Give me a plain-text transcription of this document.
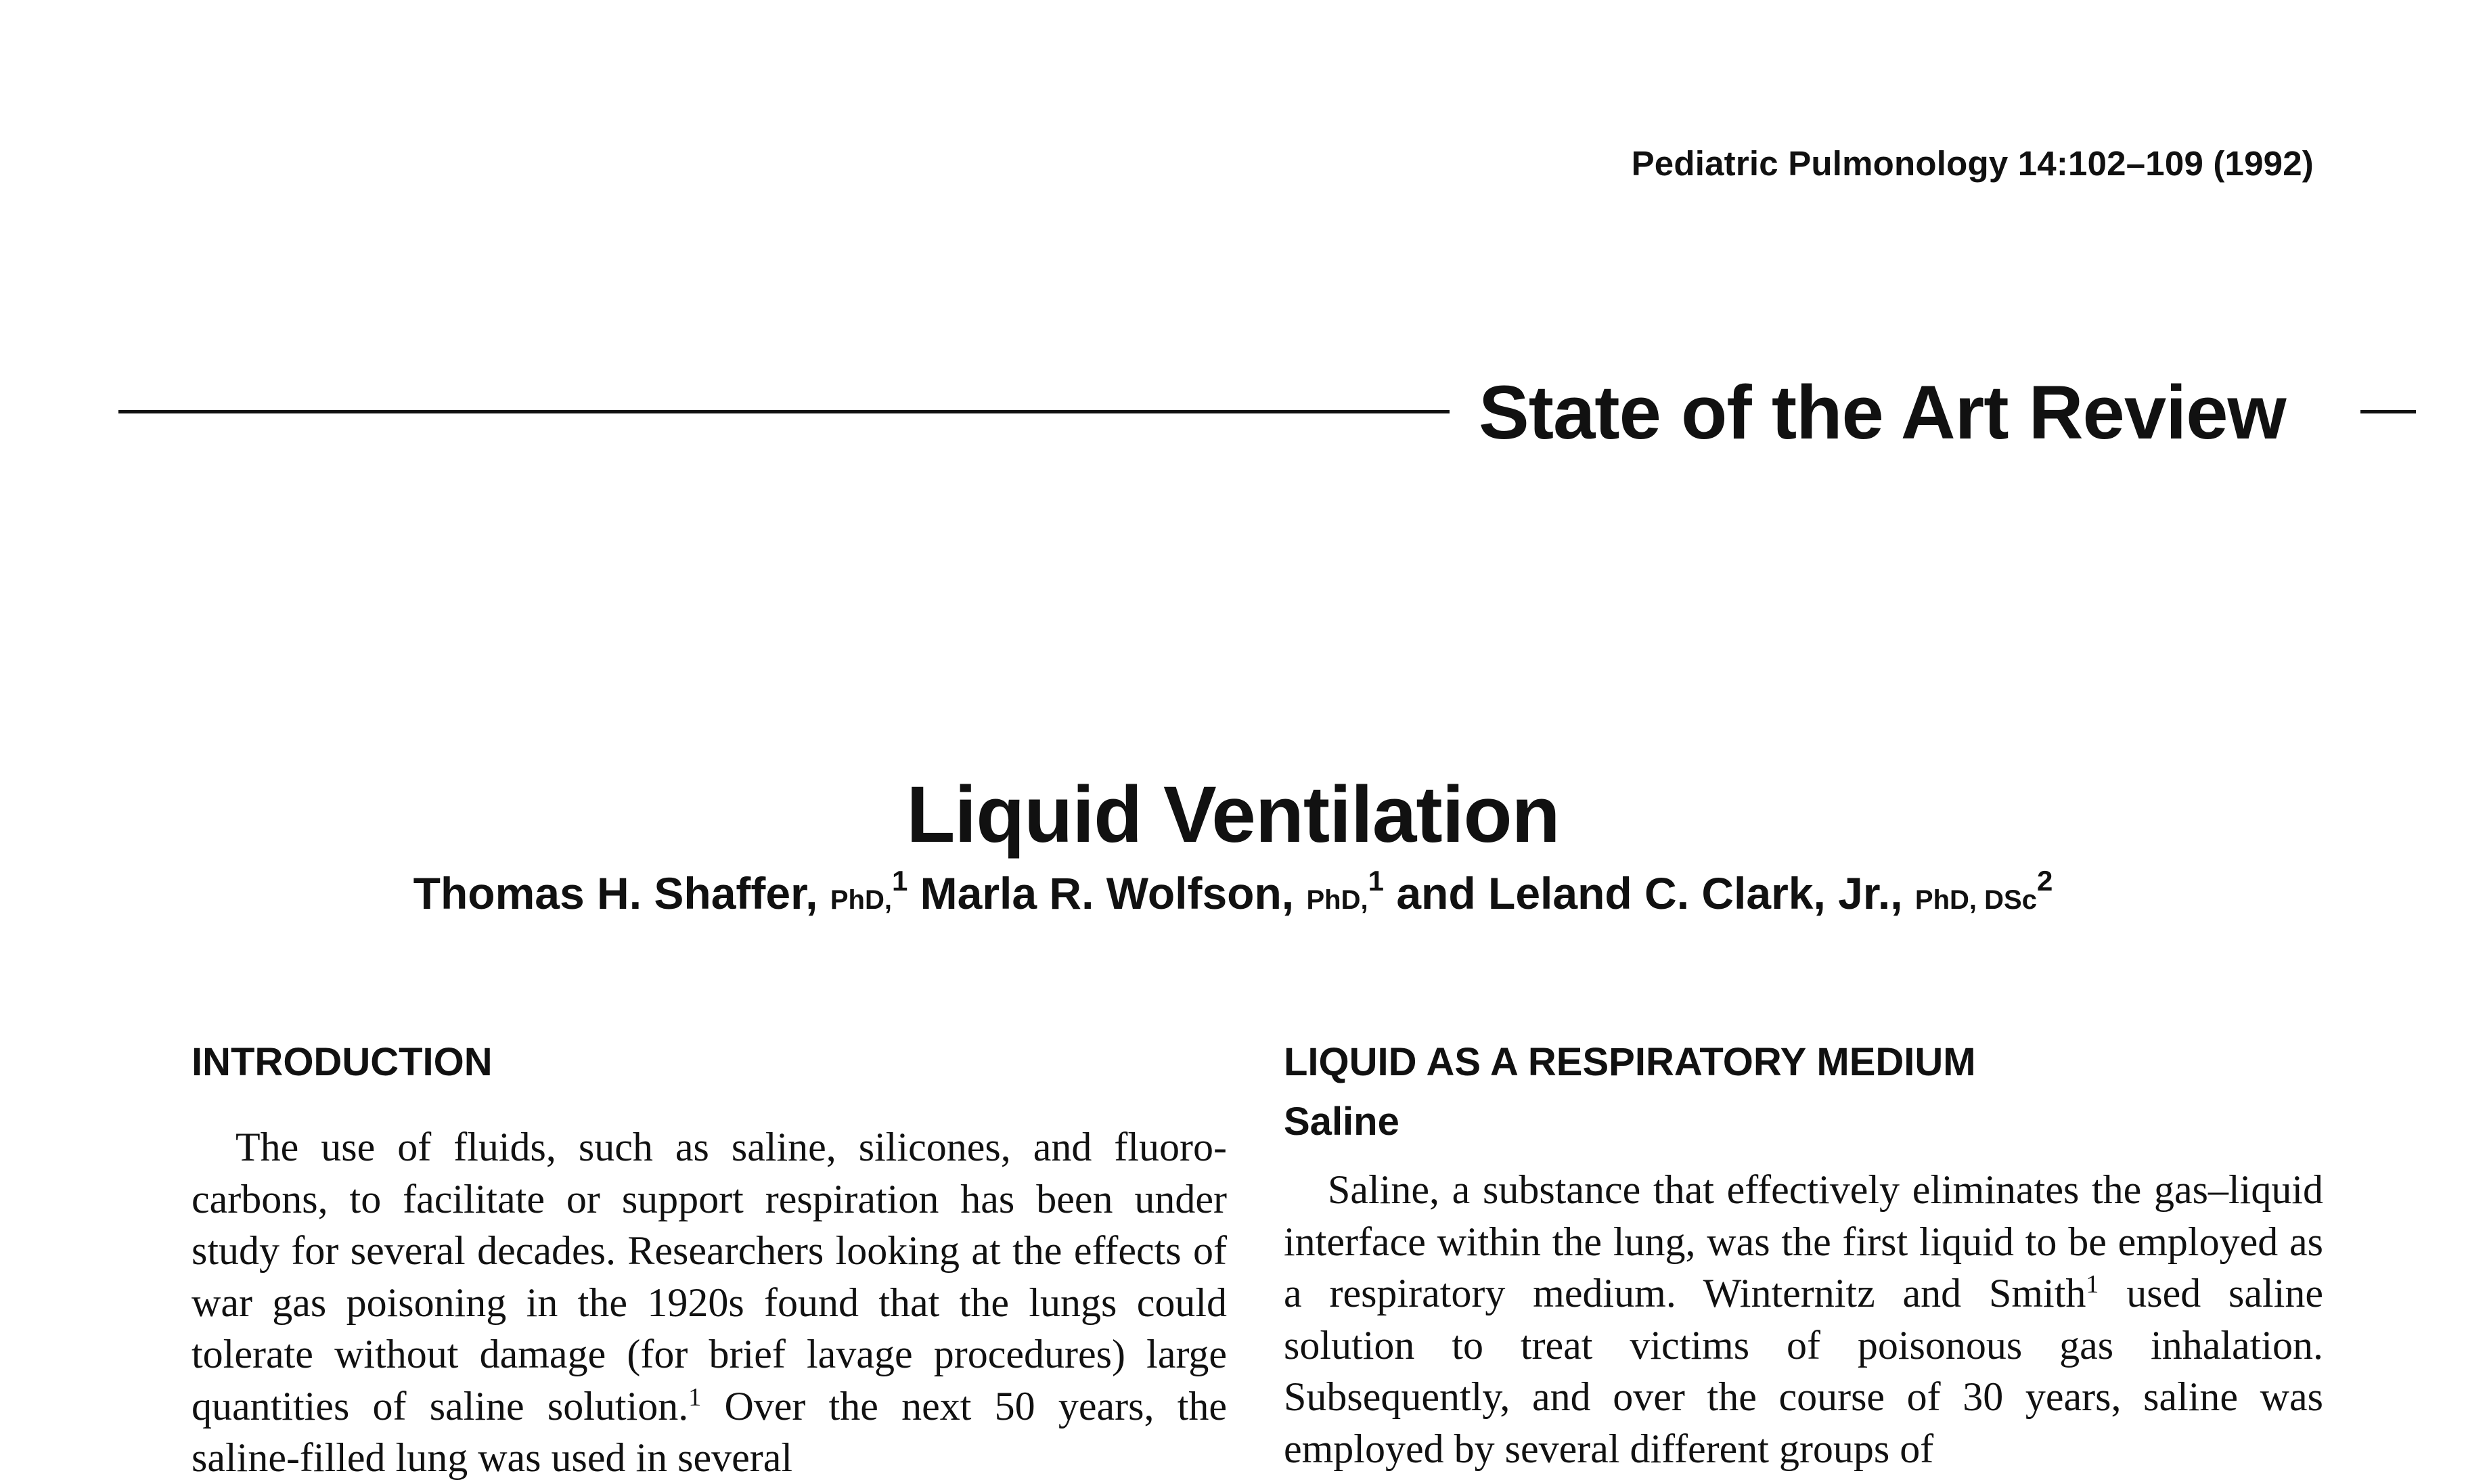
Pediatric Pulmonology 14:102–109 (1992)
State of the Art Review
Liquid Ventilation
Thomas H. Shaffer, PhD,$^1$ Marla R. Wolfson, PhD,$^1$ and Leland C. Clark, Jr., PhD, DSc$^2$
INTRODUCTION

The use of fluids, such as saline, silicones, and fluorocarbons, to facilitate or support respiration has been under study for several decades. Researchers looking at the effects of war gas poisoning in the 1920s found that the lungs could tolerate without damage (for brief lavage procedures) large quantities of saline solution.$^1$ Over the next 50 years, the saline-filled lung was used in several

LIQUID AS A RESPIRATORY MEDIUM
Saline

Saline, a substance that effectively eliminates the gas–liquid interface within the lung, was the first liquid to be employed as a respiratory medium. Winternitz and Smith$^1$ used saline solution to treat victims of poisonous gas inhalation. Subsequently, and over the course of 30 years, saline was employed by several different groups of
